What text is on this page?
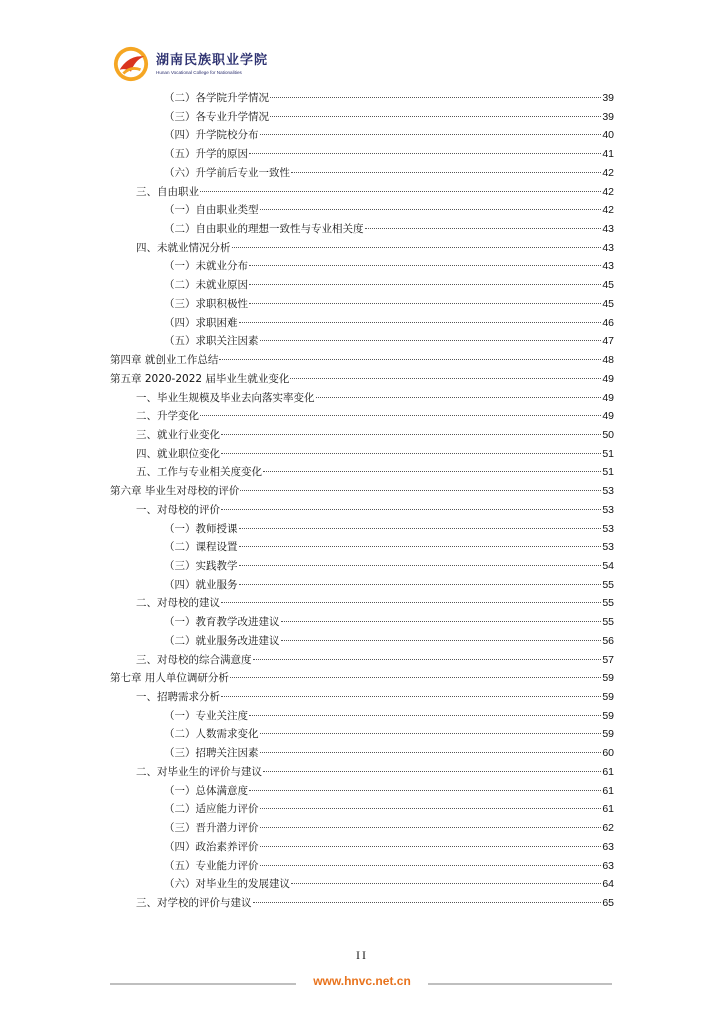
湖南民族职业学院
Hunan Vocational College for Nationalities
（二）各学院升学情况	39
（三）各专业升学情况	39
（四）升学院校分布	40
（五）升学的原因	41
（六）升学前后专业一致性	42
三、自由职业	42
（一）自由职业类型	42
（二）自由职业的理想一致性与专业相关度	43
四、未就业情况分析	43
（一）未就业分布	43
（二）未就业原因	45
（三）求职积极性	45
（四）求职困难	46
（五）求职关注因素	47
第四章 就创业工作总结	48
第五章 2020-2022 届毕业生就业变化	49
一、毕业生规模及毕业去向落实率变化	49
二、升学变化	49
三、就业行业变化	50
四、就业职位变化	51
五、工作与专业相关度变化	51
第六章 毕业生对母校的评价	53
一、对母校的评价	53
（一）教师授课	53
（二）课程设置	53
（三）实践教学	54
（四）就业服务	55
二、对母校的建议	55
（一）教育教学改进建议	55
（二）就业服务改进建议	56
三、对母校的综合满意度	57
第七章 用人单位调研分析	59
一、招聘需求分析	59
（一）专业关注度	59
（二）人数需求变化	59
（三）招聘关注因素	60
二、对毕业生的评价与建议	61
（一）总体满意度	61
（二）适应能力评价	61
（三）晋升潜力评价	62
（四）政治素养评价	63
（五）专业能力评价	63
（六）对毕业生的发展建议	64
三、对学校的评价与建议	65
II
www.hnvc.net.cn
